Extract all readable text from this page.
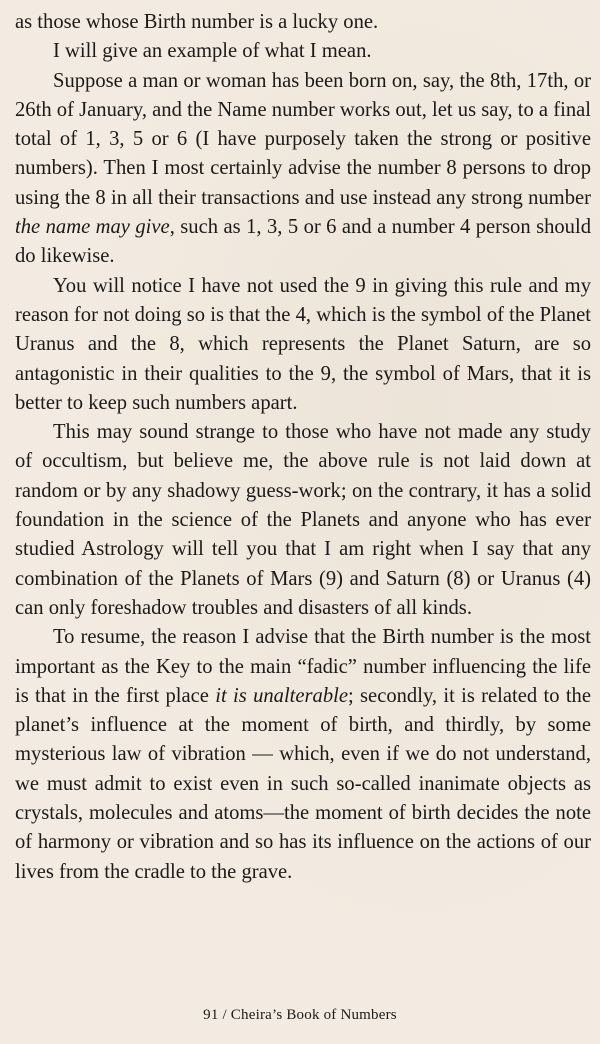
as those whose Birth number is a lucky one.

I will give an example of what I mean.

Suppose a man or woman has been born on, say, the 8th, 17th, or 26th of January, and the Name number works out, let us say, to a final total of 1, 3, 5 or 6 (I have purposely taken the strong or positive numbers). Then I most certainly advise the number 8 persons to drop using the 8 in all their transactions and use instead any strong number the name may give, such as 1, 3, 5 or 6 and a number 4 person should do likewise.

You will notice I have not used the 9 in giving this rule and my reason for not doing so is that the 4, which is the symbol of the Planet Uranus and the 8, which represents the Planet Saturn, are so antagonistic in their qualities to the 9, the symbol of Mars, that it is better to keep such numbers apart.

This may sound strange to those who have not made any study of occultism, but believe me, the above rule is not laid down at random or by any shadowy guess-work; on the contrary, it has a solid foundation in the science of the Planets and anyone who has ever studied Astrology will tell you that I am right when I say that any combination of the Planets of Mars (9) and Saturn (8) or Uranus (4) can only foreshadow troubles and disasters of all kinds.

To resume, the reason I advise that the Birth number is the most important as the Key to the main “fadic” number influencing the life is that in the first place it is unalterable; secondly, it is related to the planet’s influence at the moment of birth, and thirdly, by some mysterious law of vibration — which, even if we do not understand, we must admit to exist even in such so-called inanimate objects as crystals, molecules and atoms—the moment of birth decides the note of harmony or vibration and so has its influence on the actions of our lives from the cradle to the grave.

91 / Cheira’s Book of Numbers
